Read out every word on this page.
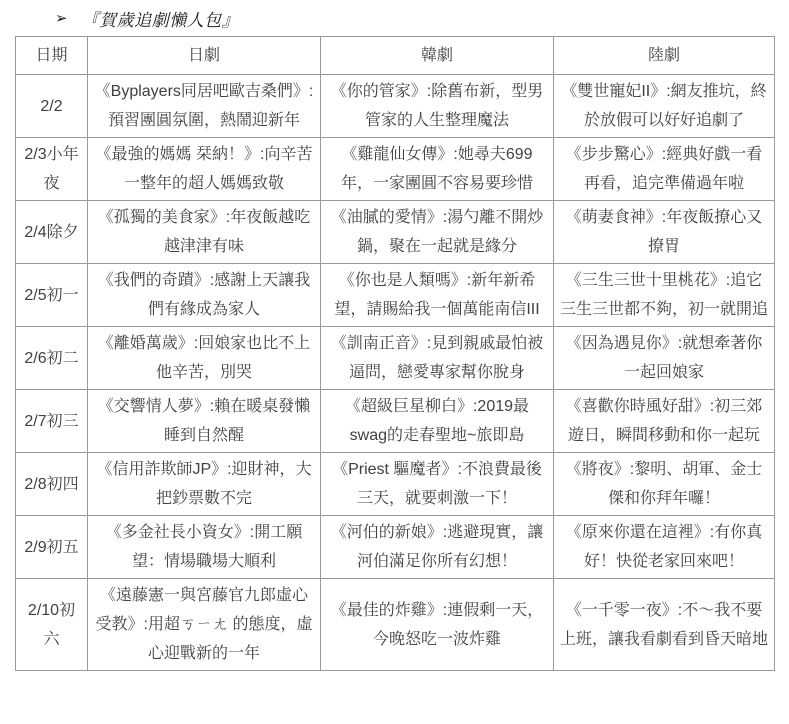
➢ 『賀歲追劇懶人包』
日期	日劇	韓劇	陸劇
2/2	《Byplayers同居吧歐吉桑們》:預習團圓氛圍，熱鬧迎新年	《你的管家》:除舊布新，型男管家的人生整理魔法	《雙世寵妃II》:網友推坑，終於放假可以好好追劇了
2/3小年夜	《最強的媽媽 栞納！》:向辛苦一整年的超人媽媽致敬	《雞龍仙女傳》:她尋夫699年，一家團圓不容易要珍惜	《步步驚心》:經典好戲一看再看，追完準備過年啦
2/4除夕	《孤獨的美食家》:年夜飯越吃越津津有味	《油膩的愛情》:湯勺離不開炒鍋，聚在一起就是緣分	《萌妻食神》:年夜飯撩心又撩胃
2/5初一	《我們的奇蹟》:感謝上天讓我們有緣成為家人	《你也是人類嗎》:新年新希望，請賜給我一個萬能南信III	《三生三世十里桃花》:追它三生三世都不夠，初一就開追
2/6初二	《離婚萬歲》:回娘家也比不上他辛苦，別哭	《訓南正音》:見到親戚最怕被逼問，戀愛專家幫你脫身	《因為遇見你》:就想牽著你一起回娘家
2/7初三	《交響情人夢》:賴在暖桌發懶睡到自然醒	《超級巨星柳白》:2019最swag的走春聖地~旅即島	《喜歡你時風好甜》:初三郊遊日，瞬間移動和你一起玩
2/8初四	《信用詐欺師JP》:迎財神，大把鈔票數不完	《Priest 驅魔者》:不浪費最後三天，就要刺激一下！	《將夜》:黎明、胡軍、金士傑和你拜年囉！
2/9初五	《多金社長小資女》:開工願望：情場職場大順利	《河伯的新娘》:逃避現實，讓河伯滿足你所有幻想！	《原來你還在這裡》:有你真好！快從老家回來吧！
2/10初六	《遠藤憲一與宮藤官九郎虛心受教》:用超ㄎㄧㄤ 的態度，虛心迎戰新的一年	《最佳的炸雞》:連假剩一天，今晚怒吃一波炸雞	《一千零一夜》:不～我不要上班，讓我看劇看到昏天暗地
